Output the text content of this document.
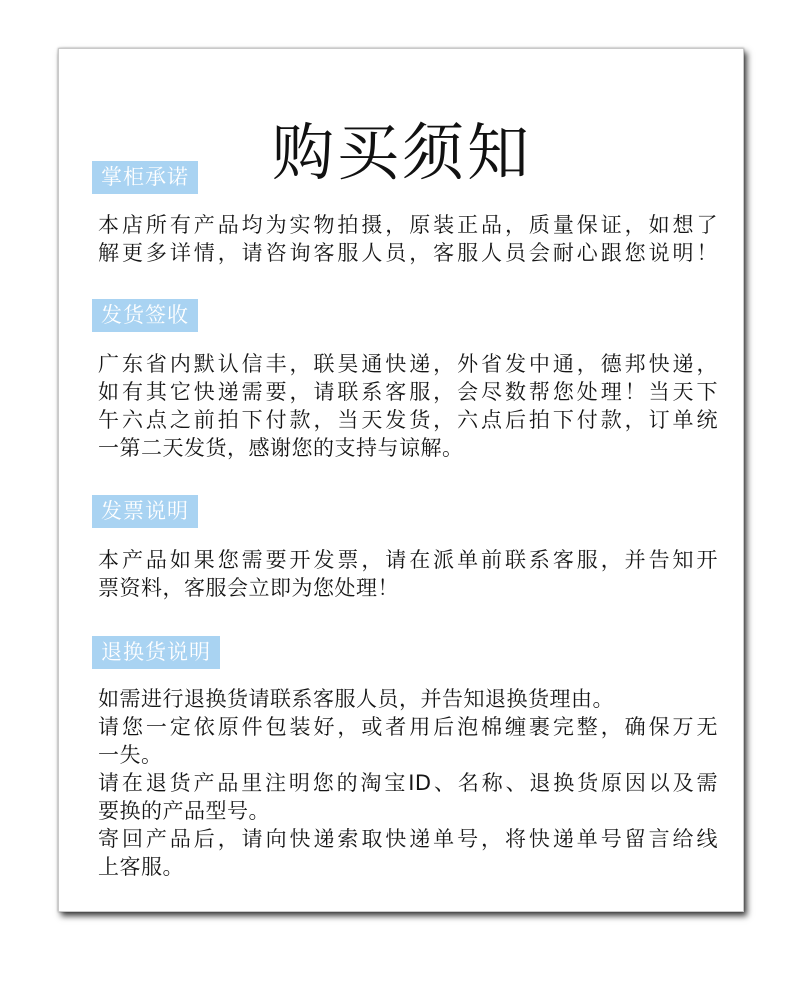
购买须知
掌柜承诺
本店所有产品均为实物拍摄，原装正品，质量保证，如想了
解更多详情，请咨询客服人员，客服人员会耐心跟您说明！
发货签收
广东省内默认信丰，联昊通快递，外省发中通，德邦快递，
如有其它快递需要，请联系客服，会尽数帮您处理！当天下
午六点之前拍下付款，当天发货，六点后拍下付款，订单统
一第二天发货，感谢您的支持与谅解。
发票说明
本产品如果您需要开发票，请在派单前联系客服，并告知开
票资料，客服会立即为您处理！
退换货说明
如需进行退换货请联系客服人员，并告知退换货理由。
请您一定依原件包装好，或者用后泡棉缠裹完整，确保万无
一失。
请在退货产品里注明您的淘宝ID、名称、退换货原因以及需
要换的产品型号。
寄回产品后，请向快递索取快递单号，将快递单号留言给线
上客服。
